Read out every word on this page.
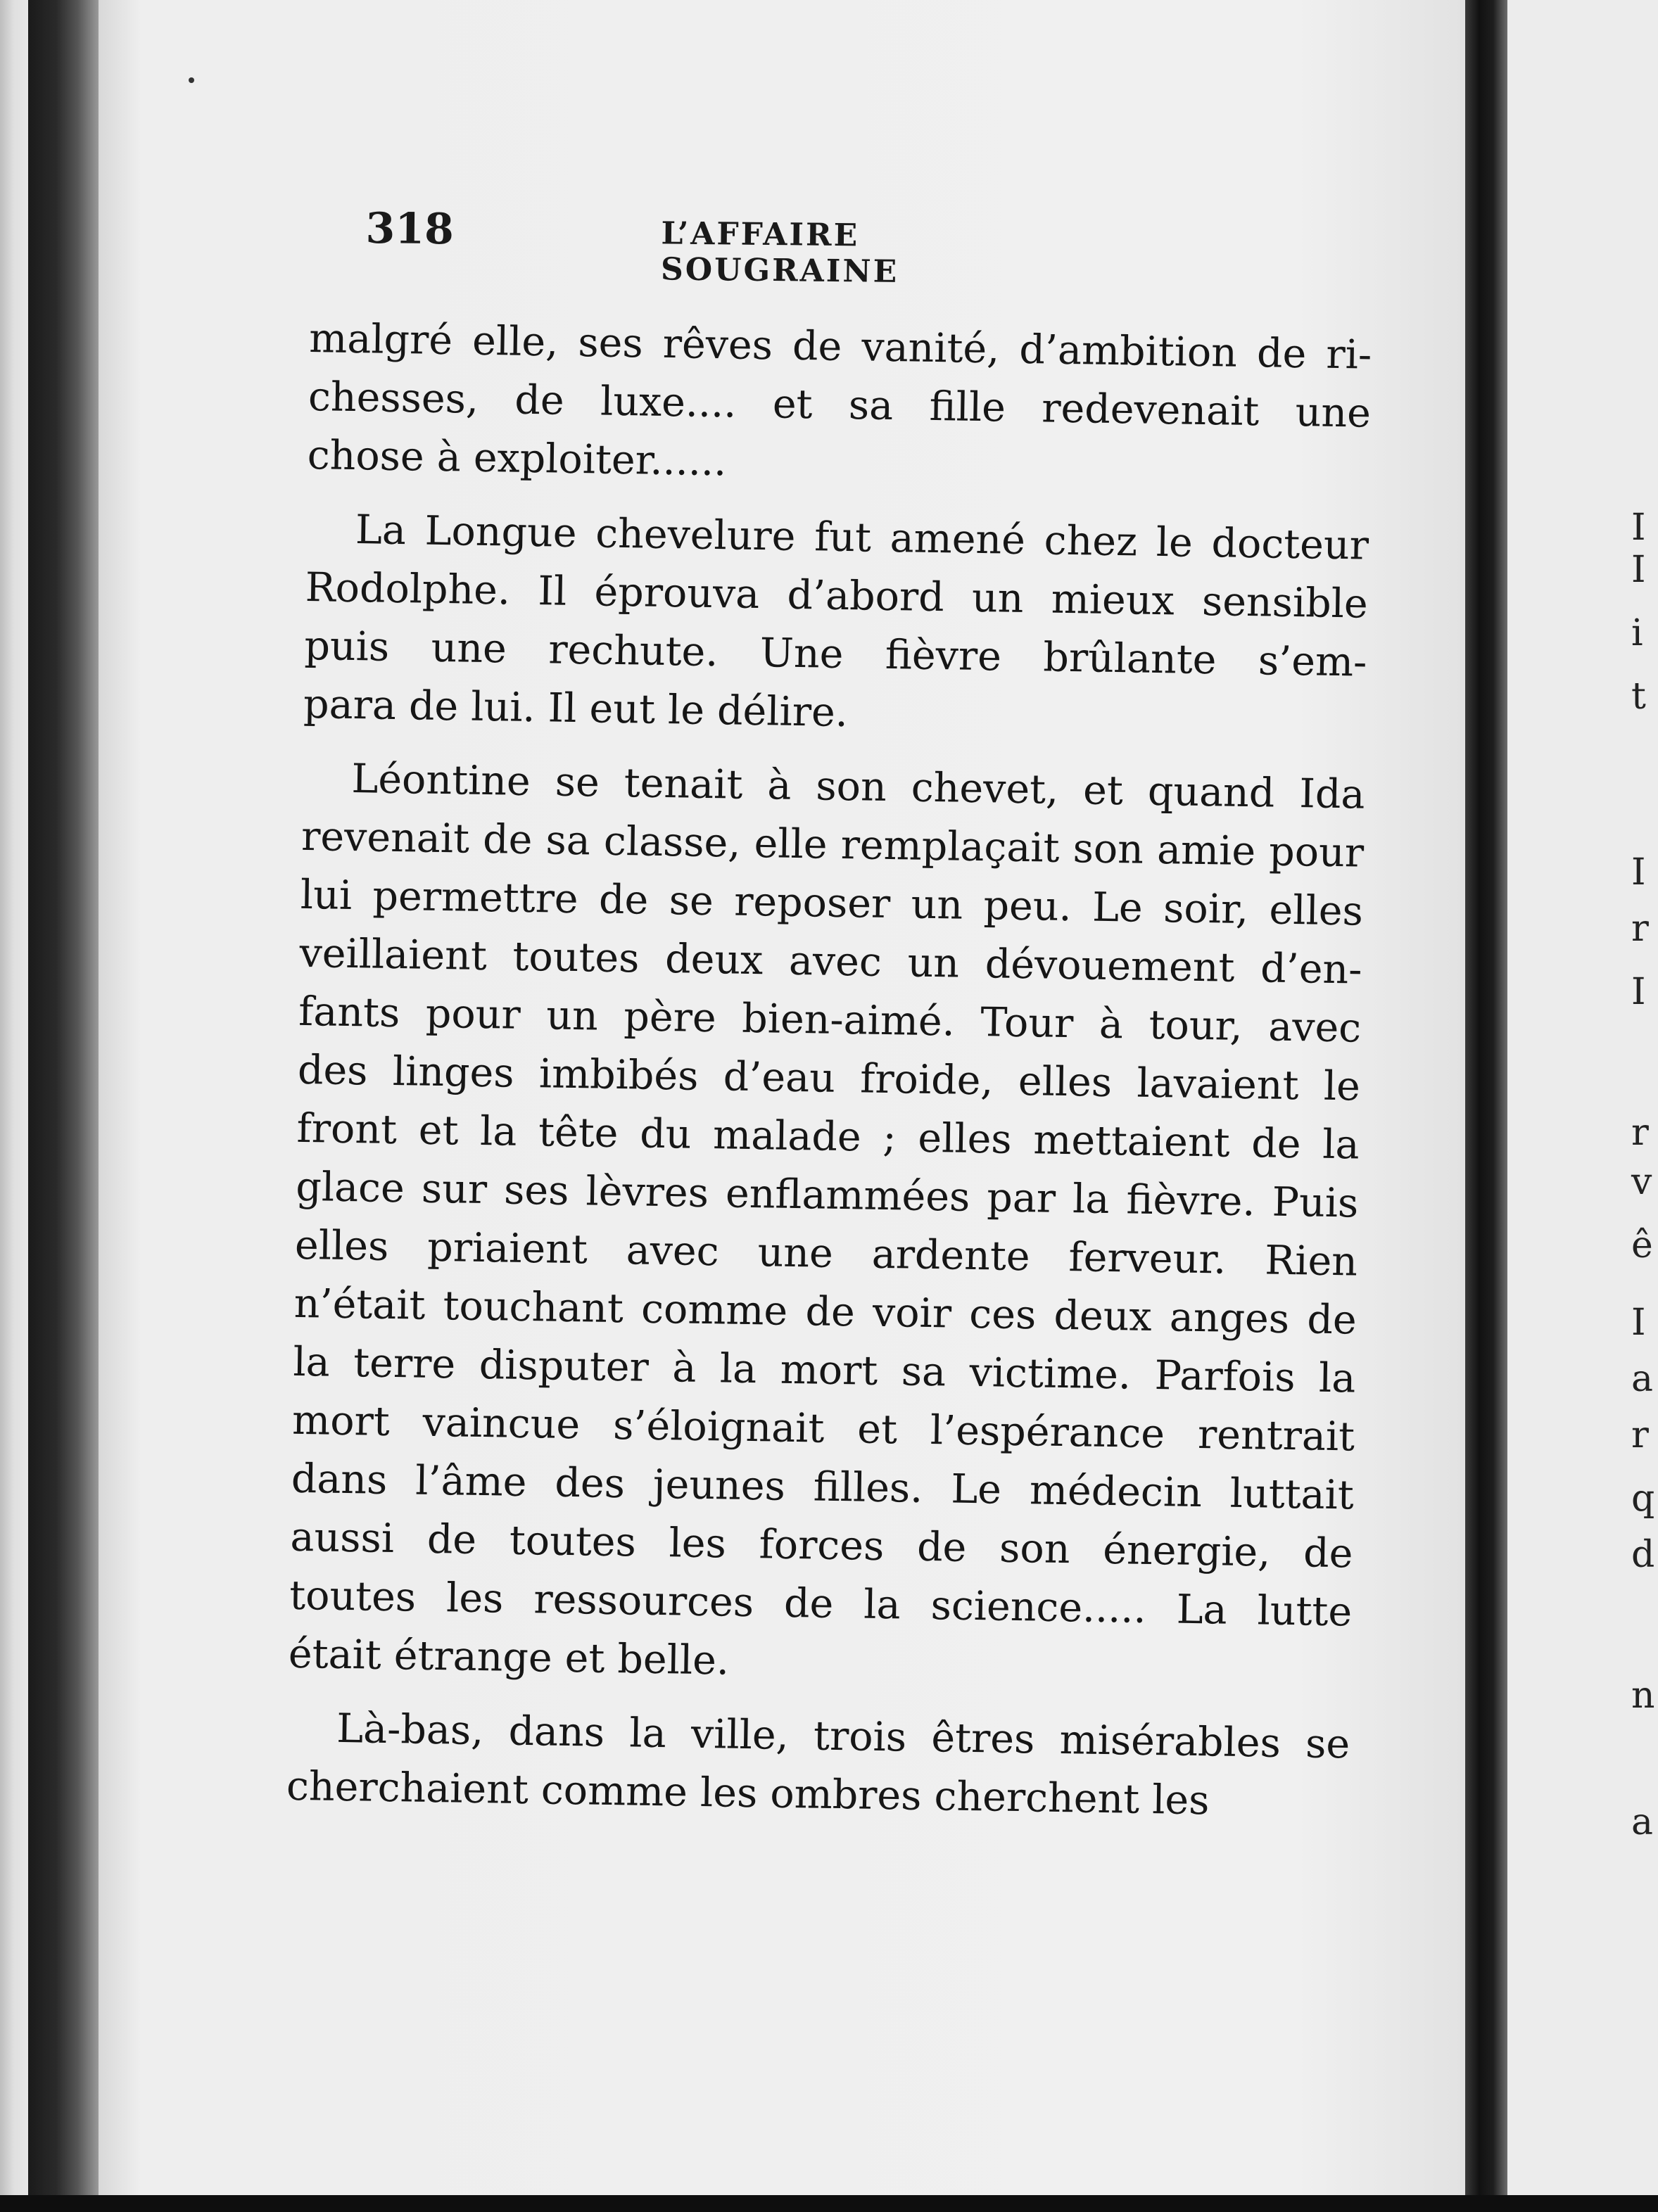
I
I
i
t
I
r
I
r
v
ê
I
a
r
q
d
n
a
318	L’AFFAIRE SOUGRAINE

malgré elle, ses rêves de vanité, d’ambition de ri-
chesses, de luxe.... et sa fille redevenait une
chose à exploiter......

La Longue chevelure fut amené chez le docteur
Rodolphe. Il éprouva d’abord un mieux sensible
puis une rechute. Une fièvre brûlante s’em-
para de lui. Il eut le délire.

Léontine se tenait à son chevet, et quand Ida
revenait de sa classe, elle remplaçait son amie pour
lui permettre de se reposer un peu. Le soir, elles
veillaient toutes deux avec un dévouement d’en-
fants pour un père bien-aimé. Tour à tour, avec
des linges imbibés d’eau froide, elles lavaient le
front et la tête du malade ; elles mettaient de la
glace sur ses lèvres enflammées par la fièvre. Puis
elles priaient avec une ardente ferveur. Rien
n’était touchant comme de voir ces deux anges de
la terre disputer à la mort sa victime. Parfois la
mort vaincue s’éloignait et l’espérance rentrait
dans l’âme des jeunes filles. Le médecin luttait
aussi de toutes les forces de son énergie, de
toutes les ressources de la science..... La lutte
était étrange et belle.

Là-bas, dans la ville, trois êtres misérables se
cherchaient comme les ombres cherchent les
